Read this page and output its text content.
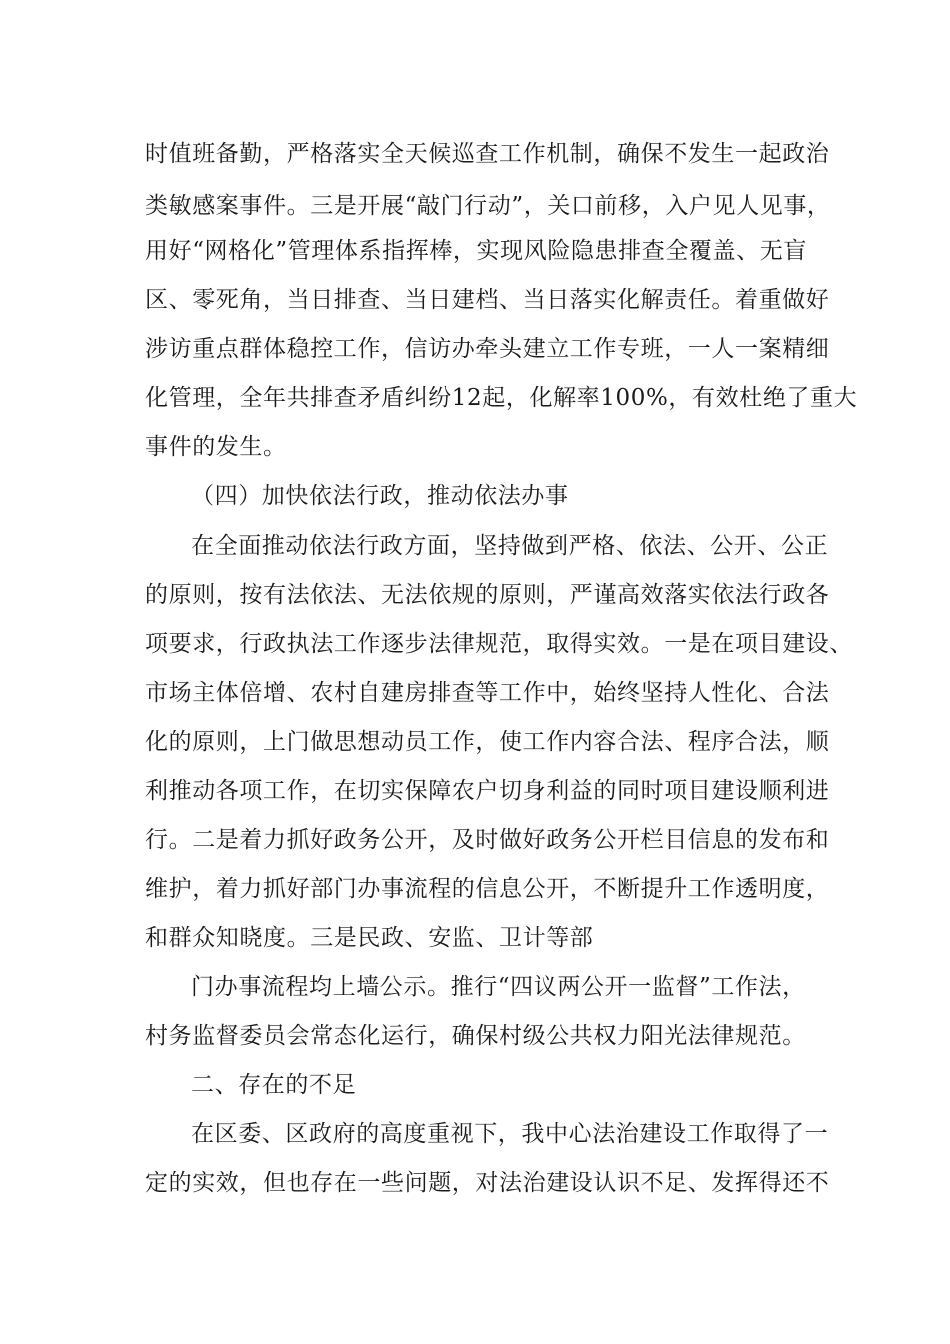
时值班备勤，严格落实全天候巡查工作机制，确保不发生一起政治
类敏感案事件。三是开展“敲门行动”，关口前移，入户见人见事，
用好“网格化”管理体系指挥棒，实现风险隐患排查全覆盖、无盲
区、零死角，当日排查、当日建档、当日落实化解责任。着重做好
涉访重点群体稳控工作，信访办牵头建立工作专班，一人一案精细
化管理，全年共排查矛盾纠纷12起，化解率100%，有效杜绝了重大
事件的发生。
（四）加快依法行政，推动依法办事
在全面推动依法行政方面，坚持做到严格、依法、公开、公正
的原则，按有法依法、无法依规的原则，严谨高效落实依法行政各
项要求，行政执法工作逐步法律规范，取得实效。一是在项目建设、
市场主体倍增、农村自建房排查等工作中，始终坚持人性化、合法
化的原则，上门做思想动员工作，使工作内容合法、程序合法，顺
利推动各项工作，在切实保障农户切身利益的同时项目建设顺利进
行。二是着力抓好政务公开，及时做好政务公开栏目信息的发布和
维护，着力抓好部门办事流程的信息公开，不断提升工作透明度，
和群众知晓度。三是民政、安监、卫计等部
门办事流程均上墙公示。推行“四议两公开一监督”工作法，
村务监督委员会常态化运行，确保村级公共权力阳光法律规范。
二、存在的不足
在区委、区政府的高度重视下，我中心法治建设工作取得了一
定的实效，但也存在一些问题，对法治建设认识不足、发挥得还不
